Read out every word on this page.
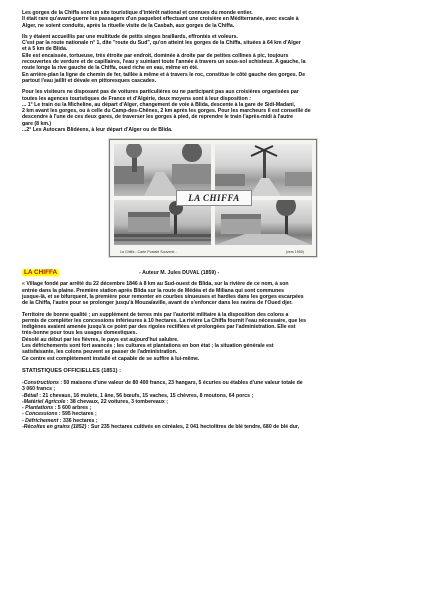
Les gorges de la Chiffa sont un site touristique d'intérêt national et connues du monde entier.
Il était rare qu'avant-guerre les passagers d'un paquebot effectuant une croisière en Méditerranée, avec escale à
Alger, ne soient conduits, après la rituelle visite de la Casbah, aux gorges de la Chiffa.
Ils y étaient accueillis par une multitude de petits singes braillards, effrontés et voleurs.
C'est par la route nationale n° 1, dite "route du Sud", qu'on atteint les gorges de la Chiffa, situées à 64 km d'Alger
et à 5 km de Blida.
Elle est encaissée, tortueuse, très étroite par endroit, dominée à droite par de petites collines à pic, toujours
recouvertes de verdure et de capillaires, l'eau y suintant toute l'année à travers un sous-sol schisteux. A gauche, la
route longe la rive gauche de la Chiffa, oued riche en eau, même en été.
En arrière-plan la ligne de chemin de fer, taillée à même et à travers le roc, constitue le côté gauche des gorges. De
partout l'eau jaillit et dévale en pittoresques cascades.
Pour les visiteurs ne disposant pas de voitures particulières ou ne participant pas aux croisières organisées par
toutes les agences touristiques de France et d'Algérie, deux moyens sont à leur disposition :
... 1° Le train ou la Micheline, au départ d'Alger, changement de voie à Blida, descente à la gare de Sidi-Madani,
2 km avant les gorges, ou à celle du Camp-des-Chênes, 2 km après les gorges. Pour les marcheurs il est conseillé de
descendre à l'une de ces deux gares, de traverser les gorges à pied, de reprendre le train l'après-midi à l'autre
gare (8 km.)
...2° Les Autocars Blidéens, à leur départ d'Alger ou de Blida.
LA CHIFFA
La Chiffa - Carte Postale Souvenir -	(vers 1950)
LA CHIFFA	- Auteur M. Jules DUVAL (1859) -
« Village fondé par arrêté du 22 décembre 1846 à 8 km au Sud-ouest de Blida, sur la rivière de ce nom, à son
entrée dans la plaine. Première station après Blida sur la route de Médéa et de Miliana qui sont communes
jusque-là, et se bifurquent, la première pour remonter en courbes sinueuses et hardies dans les gorges escarpées
de la Chiffa, l'autre pour se prolonger jusqu'à Mouzaïaville, avant de s'enfoncer dans les ravins de l'Oued djer.
Territoire de bonne qualité ; un supplément de terres mis par l'autorité militaire à la disposition des colons a
permis de compléter les concessions inférieures à 10 hectares. La rivière La Chiffa fournit l'eau nécessaire, que les
indigènes avaient amenée jusqu'à ce point par des rigoles rectifiées et prolongées par l'administration. Elle est
très-bonne pour tous les usages domestiques.
Désolé au début par les fièvres, le pays est aujourd'hui salubre.
Les défrichements sont fort avancés ; les cultures et plantations en bon état ; la situation générale est
satisfaisante, les colons peuvent se passer de l'administration.
Ce centre est complètement installé et capable de se suffire à lui-même.
STATISTIQUES OFFICIELLES (1851) :

-Constructions : 50 maisons d'une valeur de 80 400 francs, 23 hangars, 5 écuries ou étables d'une valeur totale de

3 060 francs ;

-Bétail : 21 chevaux, 16 mulets, 1 âne, 56 bœufs, 15 vaches, 15 chèvres, 8 moutons, 64 porcs ;

-Matériel Agricole : 38 chevaux, 22 voitures, 3 tombereaux ;

- Plantations : 5 600 arbres ;

- Concessions : 595 hectares ;

- Défrichement : 336 hectares ;

-Récoltes en grains (1852) : Sur 235 hectares cultivés en céréales, 2 041 hectolitres de blé tendre, 680 de blé dur,
